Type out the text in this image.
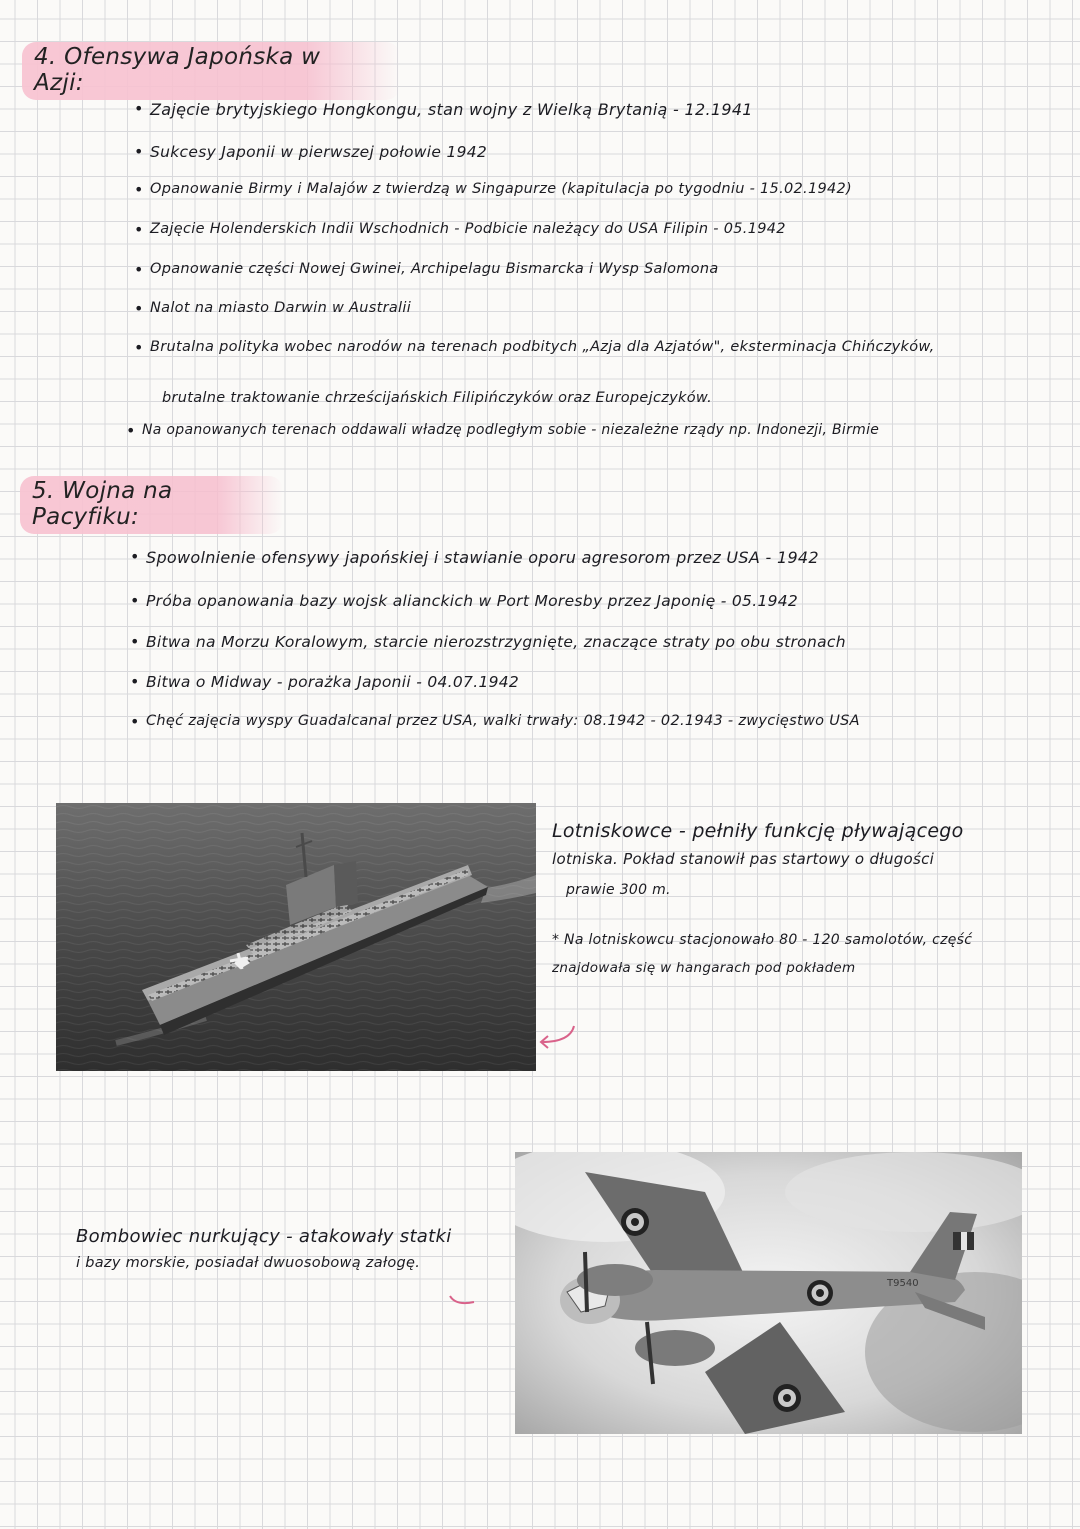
4. Ofensywa Japońska w Azji:
• Zajęcie brytyjskiego Hongkongu, stan wojny z Wielką Brytanią - 12.1941
• Sukcesy Japonii w pierwszej połowie 1942
• Opanowanie Birmy i Malajów z twierdzą w Singapurze (kapitulacja po tygodniu - 15.02.1942)
• Zajęcie Holenderskich Indii Wschodnich - Podbicie należący do USA Filipin - 05.1942
• Opanowanie części Nowej Gwinei, Archipelagu Bismarcka i Wysp Salomona
• Nalot na miasto Darwin w Australii
• Brutalna polityka wobec narodów na terenach podbitych „Azja dla Azjatów", eksterminacja Chińczyków,
brutalne traktowanie chrześcijańskich Filipińczyków oraz Europejczyków.
• Na opanowanych terenach oddawali władzę podległym sobie - niezależne rządy np. Indonezji, Birmie
5. Wojna na Pacyfiku:
• Spowolnienie ofensywy japońskiej i stawianie oporu agresorom przez USA - 1942
• Próba opanowania bazy wojsk alianckich w Port Moresby przez Japonię - 05.1942
• Bitwa na Morzu Koralowym, starcie nierozstrzygnięte, znaczące straty po obu stronach
• Bitwa o Midway - porażka Japonii - 04.07.1942
• Chęć zajęcia wyspy Guadalcanal przez USA, walki trwały: 08.1942 - 02.1943 - zwycięstwo USA
Lotniskowce - pełniły funkcję pływającego
lotniska. Pokład stanowił pas startowy o długości
prawie 300 m.
* Na lotniskowcu stacjonowało 80 - 120 samolotów, część
znajdowała się w hangarach pod pokładem
T9540
Bombowiec nurkujący - atakowały statki
i bazy morskie, posiadał dwuosobową załogę.
